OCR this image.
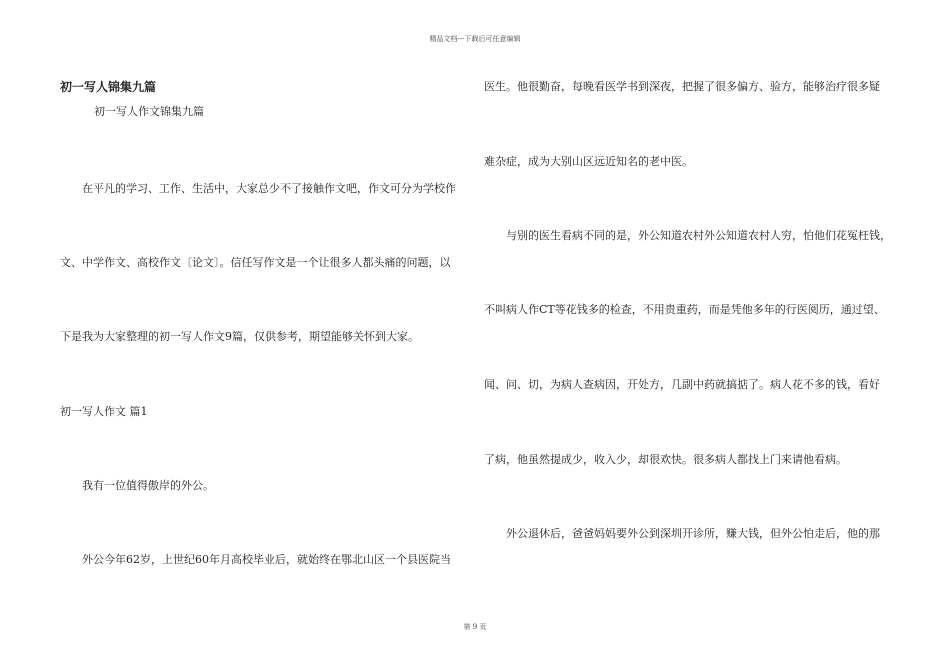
精品文档---下载后可任意编辑
初一写人锦集九篇
初一写人作文锦集九篇
在平凡的学习、工作、生活中，大家总少不了接触作文吧，作文可分为学校作
文、中学作文、高校作文〔论文〕。信任写作文是一个让很多人都头痛的问题，以
下是我为大家整理的初一写人作文9篇，仅供参考，期望能够关怀到大家。
初一写人作文 篇1
我有一位值得傲岸的外公。
外公今年62岁，上世纪60年月高校毕业后，就始终在鄂北山区一个县医院当
医生。他很勤奋，每晚看医学书到深夜，把握了很多偏方、验方，能够治疗很多疑
难杂症，成为大别山区远近知名的老中医。
与别的医生看病不同的是，外公知道农村外公知道农村人穷，怕他们花冤枉钱，
不叫病人作CT等花钱多的检查，不用贵重药，而是凭他多年的行医阅历，通过望、
闻、问、切，为病人查病因，开处方，几副中药就搞掂了。病人花不多的钱，看好
了病，他虽然提成少，收入少，却很欢快。很多病人都找上门来请他看病。
外公退休后，爸爸妈妈要外公到深圳开诊所，赚大钱，但外公怕走后，他的那
第 9 页
